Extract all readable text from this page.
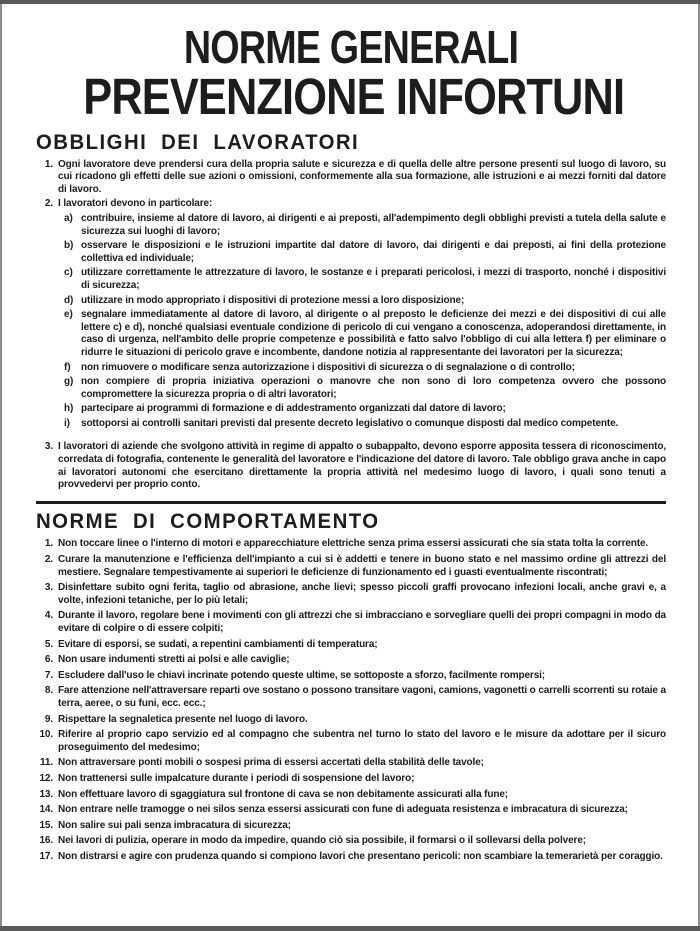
NORME GENERALI
PREVENZIONE INFORTUNI
OBBLIGHI DEI LAVORATORI
1. Ogni lavoratore deve prendersi cura della propria salute e sicurezza e di quella delle altre persone presenti sul luogo di lavoro, su cui ricadono gli effetti delle sue azioni o omissioni, conformemente alla sua formazione, alle istruzioni e ai mezzi forniti dal datore di lavoro.
2. I lavoratori devono in particolare:
a) contribuire, insieme al datore di lavoro, ai dirigenti e ai preposti, all'adempimento degli obblighi previsti a tutela della salute e sicurezza sui luoghi di lavoro;
b) osservare le disposizioni e le istruzioni impartite dal datore di lavoro, dai dirigenti e dai preposti, ai fini della protezione collettiva ed individuale;
c) utilizzare correttamente le attrezzature di lavoro, le sostanze e i preparati pericolosi, i mezzi di trasporto, nonché i dispositivi di sicurezza;
d) utilizzare in modo appropriato i dispositivi di protezione messi a loro disposizione;
e) segnalare immediatamente al datore di lavoro, al dirigente o al preposto le deficienze dei mezzi e dei dispositivi di cui alle lettere c) e d), nonché qualsiasi eventuale condizione di pericolo di cui vengano a conoscenza, adoperandosi direttamente, in caso di urgenza, nell'ambito delle proprie competenze e possibilità e fatto salvo l'obbligo di cui alla lettera f) per eliminare o ridurre le situazioni di pericolo grave e incombente, dandone notizia al rappresentante dei lavoratori per la sicurezza;
f)	non rimuovere o modificare senza autorizzazione i dispositivi di sicurezza o di segnalazione o di controllo;
g) non compiere di propria iniziativa operazioni o manovre che non sono di loro competenza ovvero che possono compromettere la sicurezza propria o di altri lavoratori;
h) partecipare ai programmi di formazione e di addestramento organizzati dal datore di lavoro;
i)	sottoporsi ai controlli sanitari previsti dal presente decreto legislativo o comunque disposti dal medico competente.
3. I lavoratori di aziende che svolgono attività in regime di appalto o subappalto, devono esporre apposita tessera di riconoscimento, corredata di fotografia, contenente le generalità del lavoratore e l'indicazione del datore di lavoro. Tale obbligo grava anche in capo ai lavoratori autonomi che esercitano direttamente la propria attività nel medesimo luogo di lavoro, i quali sono tenuti a provvedervi per proprio conto.
NORME DI COMPORTAMENTO
1. Non toccare linee o l'interno di motori e apparecchiature elettriche senza prima essersi assicurati che sia stata tolta la corrente.
2. Curare la manutenzione e l'efficienza dell'impianto a cui si è addetti e tenere in buono stato e nel massimo ordine gli attrezzi del mestiere. Segnalare tempestivamente ai superiori le deficienze di funzionamento ed i guasti eventualmente riscontrati;
3. Disinfettare subito ogni ferita, taglio od abrasione, anche lievi; spesso piccoli graffi provocano infezioni locali, anche gravi e, a volte, infezioni tetaniche, per lo più letali;
4. Durante il lavoro, regolare bene i movimenti con gli attrezzi che si imbracciano e sorvegliare quelli dei propri compagni in modo da evitare di colpire o di essere colpiti;
5. Evitare di esporsi, se sudati, a repentini cambiamenti di temperatura;
6. Non usare indumenti stretti ai polsi e alle caviglie;
7. Escludere dall'uso le chiavi incrinate potendo queste ultime, se sottoposte a sforzo, facilmente rompersi;
8. Fare attenzione nell'attraversare reparti ove sostano o possono transitare vagoni, camions, vagonetti o carrelli scorrenti su rotaie a terra, aeree, o su funi, ecc. ecc.;
9. Rispettare la segnaletica presente nel luogo di lavoro.
10. Riferire al proprio capo servizio ed al compagno che subentra nel turno lo stato del lavoro e le misure da adottare per il sicuro proseguimento del medesimo;
11. Non attraversare ponti mobili o sospesi prima di essersi accertati della stabilità delle tavole;
12. Non trattenersi sulle impalcature durante i periodi di sospensione del lavoro;
13. Non effettuare lavoro di sgaggiatura sul frontone di cava se non debitamente assicurati alla fune;
14. Non entrare nelle tramogge o nei silos senza essersi assicurati con fune di adeguata resistenza e imbracatura di sicurezza;
15. Non salire sui pali senza imbracatura di sicurezza;
16. Nei lavori di pulizia, operare in modo da impedire, quando ciò sia possibile, il formarsi o il sollevarsi della polvere;
17. Non distrarsi e agire con prudenza quando si compiono lavori che presentano pericoli: non scambiare la temerarietà per coraggio.
